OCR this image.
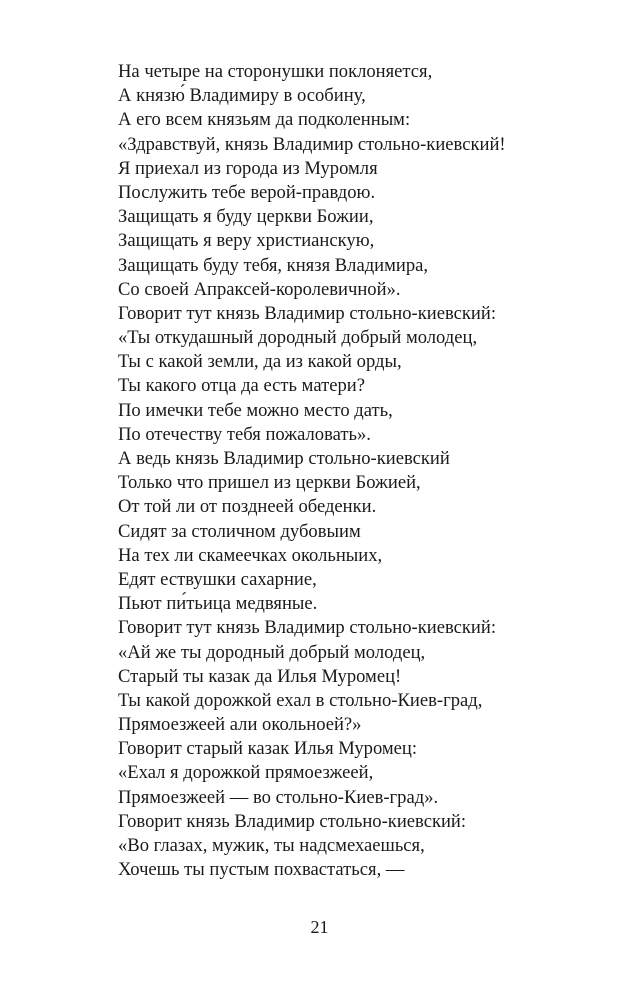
На четыре на сторонушки поклоняется,
А князю́ Владимиру в особину,
А его всем князьям да подколенным:
«Здравствуй, князь Владимир стольно-киевский!
Я приехал из города из Муромля
Послужить тебе верой-правдою.
Защищать я буду церкви Божии,
Защищать я веру христианскую,
Защищать буду тебя, князя Владимира,
Со своей Апраксей-королевичной».
Говорит тут князь Владимир стольно-киевский:
«Ты откудашный дородный добрый молодец,
Ты с какой земли, да из какой орды,
Ты какого отца да есть матери?
По имечки тебе можно место дать,
По отечеству тебя пожаловать».
А ведь князь Владимир стольно-киевский
Только что пришел из церкви Божией,
От той ли от позднеей обеденки.
Сидят за столичном дубовыим
На тех ли скамеечках окольныих,
Едят ествушки сахарние,
Пьют пи́тьица медвяные.
Говорит тут князь Владимир стольно-киевский:
«Ай же ты дородный добрый молодец,
Старый ты казак да Илья Муромец!
Ты какой дорожкой ехал в стольно-Киев-град,
Прямоезжеей али окольноей?»
Говорит старый казак Илья Муромец:
«Ехал я дорожкой прямоезжеей,
Прямоезжеей — во стольно-Киев-град».
Говорит князь Владимир стольно-киевский:
«Во глазах, мужик, ты надсмехаешься,
Хочешь ты пустым похвастаться, —
21
